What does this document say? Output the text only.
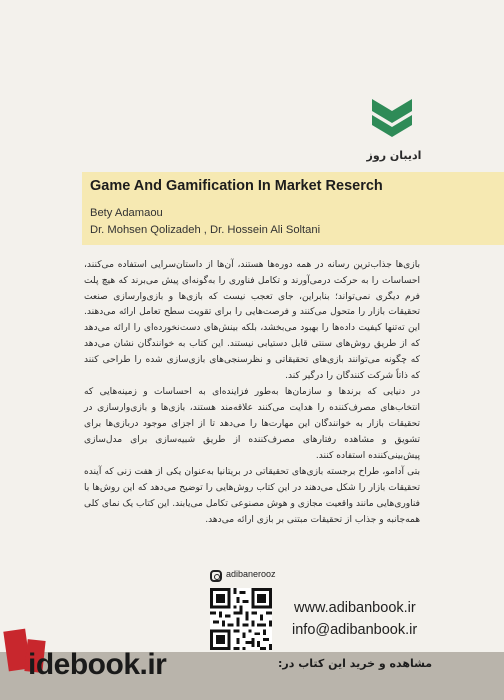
ادیبان روز
Game And Gamification In Market Reserch
Bety Adamaou
Dr. Mohsen Qolizadeh , Dr. Hossein Ali Soltani

بازی‌ها جذاب‌ترین رسانه در همه دوره‌ها هستند، آن‌ها از داستان‌سرایی استفاده می‌کنند، احساسات را به حرکت درمی‌آورند و تکامل فناوری را به‌گونه‌ای پیش می‌برند که هیچ پلت فرم دیگری نمی‌تواند؛ بنابراین، جای تعجب نیست که بازی‌ها و بازی‌وارسازی صنعت تحقیقات بازار را متحول می‌کنند و فرصت‌هایی را برای تقویت سطح تعامل ارائه می‌دهند. این ته‌تنها کیفیت داده‌ها را بهبود می‌بخشد، بلکه بینش‌های دست‌نخورده‌ای را ارائه می‌دهد که از طریق روش‌های سنتی قابل دستیابی نیستند. این کتاب به خوانندگان نشان می‌دهد که چگونه می‌توانند بازی‌های تحقیقاتی و نظرسنجی‌های بازی‌سازی شده را طراحی کنند که ذاتاً شرکت کنندگان را درگیر کند.

در دنیایی که برندها و سازمان‌ها به‌طور فزاینده‌ای به احساسات و زمینه‌هایی که انتخاب‌های مصرف‌کننده را هدایت می‌کنند علاقه‌مند هستند، بازی‌ها و بازی‌وارسازی در تحقیقات بازار به خوانندگان این مهارت‌ها را می‌دهد تا از اجزای موجود دربازی‌ها برای تشویق و مشاهده رفتارهای مصرف‌کننده از طریق شبیه‌سازی برای مدل‌سازی پیش‌بینی‌کننده استفاده کنند.

بتی آدامو، طراح برجسته بازی‌های تحقیقاتی در بریتانیا به‌عنوان یکی از هفت زنی که آینده تحقیقات بازار را شکل می‌دهند در این کتاب روش‌هایی را توضیح می‌دهد که این روش‌ها با فناوری‌هایی مانند واقعیت مجازی و هوش مصنوعی تکامل می‌یابند. این کتاب یک نمای کلی همه‌جانبه و جذاب از تحقیقات مبتنی بر بازی ارائه می‌دهد.

adibanerooz
www.adibanbook.ir
info@adibanbook.ir
مشاهده و خرید این کتاب در:
idebook.ir
